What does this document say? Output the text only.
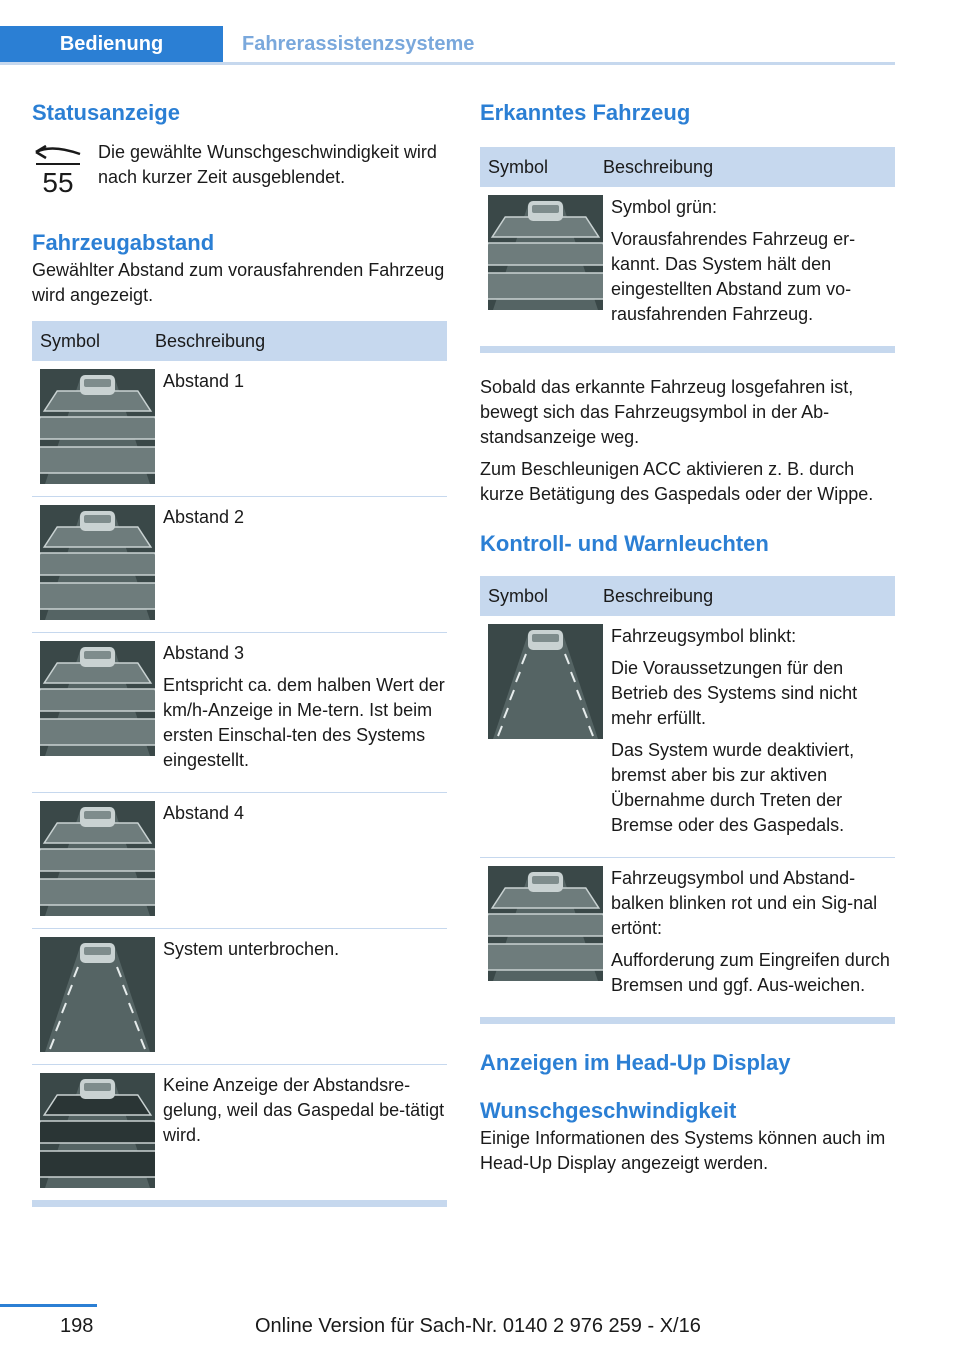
Bedienung	Fahrerassistenzsysteme
Statusanzeige
55

Die gewählte Wunschgeschwindigkeit wird nach kurzer Zeit ausgeblendet.

Fahrzeugabstand

Gewählter Abstand zum vorausfahrenden Fahrzeug wird angezeigt.

Symbol	Beschreibung
Abstand 1
Abstand 2
Abstand 3
Entspricht ca. dem halben Wert der km/h-Anzeige in Me-tern. Ist beim ersten Einschal-ten des Systems eingestellt.
Abstand 4
System unterbrochen.
Keine Anzeige der Abstandsre-gelung, weil das Gaspedal be-tätigt wird.
Erkanntes Fahrzeug
Symbol	Beschreibung
Symbol grün:
Vorausfahrendes Fahrzeug er-kannt. Das System hält den eingestellten Abstand zum vo-rausfahrenden Fahrzeug.

Sobald das erkannte Fahrzeug losgefahren ist, bewegt sich das Fahrzeugsymbol in der Ab-standsanzeige weg.

Zum Beschleunigen ACC aktivieren z. B. durch kurze Betätigung des Gaspedals oder der Wippe.

Kontroll- und Warnleuchten
Symbol	Beschreibung
Fahrzeugsymbol blinkt:
Die Voraussetzungen für den Betrieb des Systems sind nicht mehr erfüllt.
Das System wurde deaktiviert, bremst aber bis zur aktiven Übernahme durch Treten der Bremse oder des Gaspedals.
Fahrzeugsymbol und Abstand-balken blinken rot und ein Sig-nal ertönt:
Aufforderung zum Eingreifen durch Bremsen und ggf. Aus-weichen.
Anzeigen im Head-Up Display
Wunschgeschwindigkeit

Einige Informationen des Systems können auch im Head-Up Display angezeigt werden.

198	Online Version für Sach-Nr. 0140 2 976 259 - X/16
